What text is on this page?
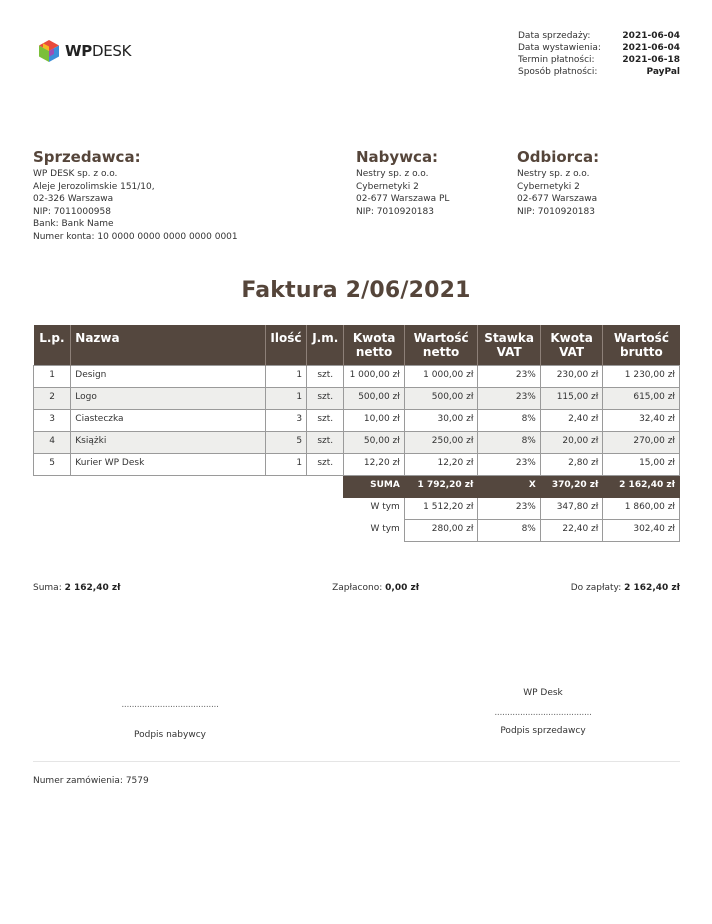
WPDESK
Data sprzedaży:	2021-06-04
Data wystawienia: 2021-06-04
Termin płatności:	2021-06-18
Sposób płatności:	PayPal
Sprzedawca:
WP DESK sp. z o.o.
Aleje Jerozolimskie 151/10,
02-326 Warszawa
NIP: 7011000958
Bank: Bank Name
Numer konta: 10 0000 0000 0000 0000 0001
Nabywca:
Nestry sp. z o.o.
Cybernetyki 2
02-677 Warszawa PL
NIP: 7010920183
Odbiorca:
Nestry sp. z o.o.
Cybernetyki 2
02-677 Warszawa
NIP: 7010920183
Faktura 2/06/2021
L.p.	Nazwa	Ilość	J.m.	Kwota netto	Wartość netto	Stawka VAT	Kwota VAT	Wartość brutto
1	Design	1	szt.	1 000,00 zł	1 000,00 zł	23%	230,00 zł	1 230,00 zł
2	Logo	1	szt.	500,00 zł	500,00 zł	23%	115,00 zł	615,00 zł
3	Ciasteczka	3	szt.	10,00 zł	30,00 zł	8%	2,40 zł	32,40 zł
4	Książki	5	szt.	50,00 zł	250,00 zł	8%	20,00 zł	270,00 zł
5	Kurier WP Desk	1	szt.	12,20 zł	12,20 zł	23%	2,80 zł	15,00 zł
				SUMA	1 792,20 zł	X	370,20 zł	2 162,40 zł
				W tym	1 512,20 zł	23%	347,80 zł	1 860,00 zł
				W tym	280,00 zł	8%	22,40 zł	302,40 zł
Suma: 2 162,40 zł	Zapłacono: 0,00 zł	Do zapłaty: 2 162,40 zł
......................................
Podpis nabywcy
WP Desk
......................................
Podpis sprzedawcy
Numer zamówienia: 7579
